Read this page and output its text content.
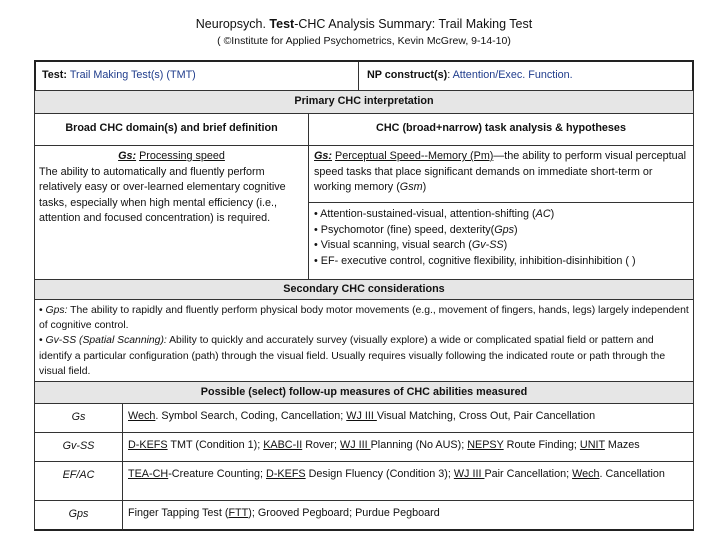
Neuropsych. Test-CHC Analysis Summary: Trail Making Test
( ©Institute for Applied Psychometrics, Kevin McGrew, 9-14-10)
Test: Trail Making Test(s) (TMT)	NP construct(s): Attention/Exec. Function.
Primary CHC interpretation
Broad CHC domain(s) and brief definition	CHC (broad+narrow) task analysis & hypotheses
Gs: Processing speed
The ability to automatically and fluently perform relatively easy or over-learned elementary cognitive tasks, especially when high mental efficiency (i.e., attention and focused concentration) is required.
Gs: Perceptual Speed--Memory (Pm)—the ability to perform visual perceptual speed tasks that place significant demands on immediate short-term or working memory (Gsm)
• Attention-sustained-visual, attention-shifting (AC)
• Psychomotor (fine) speed, dexterity(Gps)
• Visual scanning, visual search (Gv-SS)
• EF- executive control, cognitive flexibility, inhibition-disinhibition ( )
Secondary CHC considerations
• Gps: The ability to rapidly and fluently perform physical body motor movements (e.g., movement of fingers, hands, legs) largely independent of cognitive control.
• Gv-SS (Spatial Scanning): Ability to quickly and accurately survey (visually explore) a wide or complicated spatial field or pattern and identify a particular configuration (path) through the visual field. Usually requires visually following the indicated route or path through the visual field.
Possible (select) follow-up measures of CHC abilities measured
Gs	Wech. Symbol Search, Coding, Cancellation; WJ III Visual Matching, Cross Out, Pair Cancellation
Gv-SS	D-KEFS TMT (Condition 1); KABC-II Rover; WJ III Planning (No AUS); NEPSY Route Finding; UNIT Mazes
EF/AC	TEA-CH-Creature Counting; D-KEFS Design Fluency (Condition 3); WJ III Pair Cancellation; Wech. Cancellation
Gps	Finger Tapping Test (FTT); Grooved Pegboard; Purdue Pegboard
